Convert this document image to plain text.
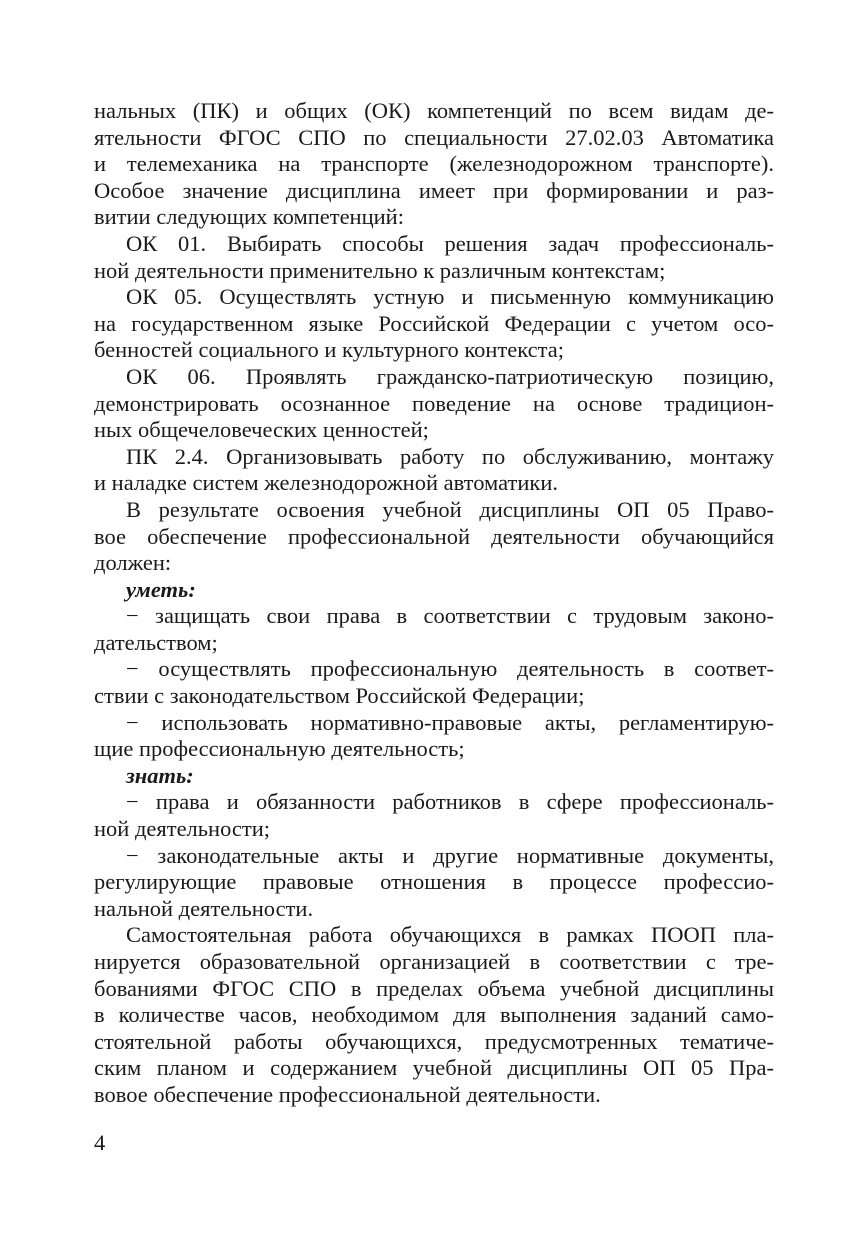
нальных (ПК) и общих (ОК) компетенций по всем видам де-
ятельности ФГОС СПО по специальности 27.02.03 Автоматика
и телемеханика на транспорте (железнодорожном транспорте).
Особое значение дисциплина имеет при формировании и раз-
витии следующих компетенций:
ОК 01. Выбирать способы решения задач профессиональ-
ной деятельности применительно к различным контекстам;
ОК 05. Осуществлять устную и письменную коммуникацию
на государственном языке Российской Федерации с учетом осо-
бенностей социального и культурного контекста;
ОК 06. Проявлять гражданско-патриотическую позицию,
демонстрировать осознанное поведение на основе традицион-
ных общечеловеческих ценностей;
ПК 2.4. Организовывать работу по обслуживанию, монтажу
и наладке систем железнодорожной автоматики.
В результате освоения учебной дисциплины ОП 05 Право-
вое обеспечение профессиональной деятельности обучающийся
должен:
уметь:
− защищать свои права в соответствии с трудовым законо-
дательством;
− осуществлять профессиональную деятельность в соответ-
ствии с законодательством Российской Федерации;
− использовать нормативно-правовые акты, регламентирую-
щие профессиональную деятельность;
знать:
− права и обязанности работников в сфере профессиональ-
ной деятельности;
− законодательные акты и другие нормативные документы,
регулирующие правовые отношения в процессе профессио-
нальной деятельности.
Самостоятельная работа обучающихся в рамках ПООП пла-
нируется образовательной организацией в соответствии с тре-
бованиями ФГОС СПО в пределах объема учебной дисциплины
в количестве часов, необходимом для выполнения заданий само-
стоятельной работы обучающихся, предусмотренных тематиче-
ским планом и содержанием учебной дисциплины ОП 05 Пра-
вовое обеспечение профессиональной деятельности.
4
